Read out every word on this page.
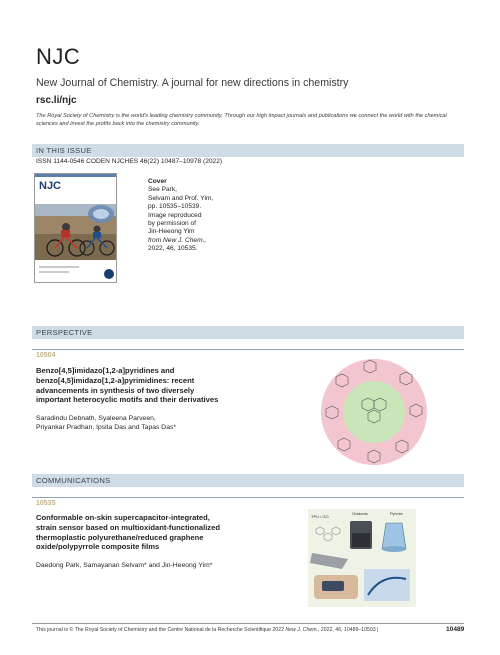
NJC
New Journal of Chemistry. A journal for new directions in chemistry
rsc.li/njc
The Royal Society of Chemistry is the world's leading chemistry community. Through our high impact journals and publications we connect the world with the chemical sciences and invest the profits back into the chemistry community.
IN THIS ISSUE
ISSN 1144-0546 CODEN NJCHES 46(22) 10487–10978 (2022)
NJC	Cover
See Park,
Selvam and Prof. Yim,
pp. 10535–10539.
Image reproduced
by permission of
Jin-Heeong Yim
from New J. Chem.,
2022, 46, 10535.
PERSPECTIVE
10504
Benzo[4,5]imidazo[1,2-a]pyridines and
benzo[4,5]imidazo[1,2-a]pyrimidines: recent
advancements in synthesis of two diversely
important heterocyclic motifs and their derivatives
Saradindu Debnath, Syaleena Parveen,
Priyankar Pradhan, Ipsita Das and Tapas Das*
COMMUNICATIONS
10535
Conformable on-skin supercapacitor-integrated,
strain sensor based on multioxidant-functionalized
thermoplastic polyurethane/reduced graphene
oxide/polypyrrole composite films
Daedong Park, Samayanan Selvam* and Jin-Heeong Yim*
TPU / GO
Oxidants	Pyrrole
This journal is © The Royal Society of Chemistry and the Centre National de la Recherche Scientifique 2022 New J. Chem., 2022, 46, 10489–10503 |	10489
